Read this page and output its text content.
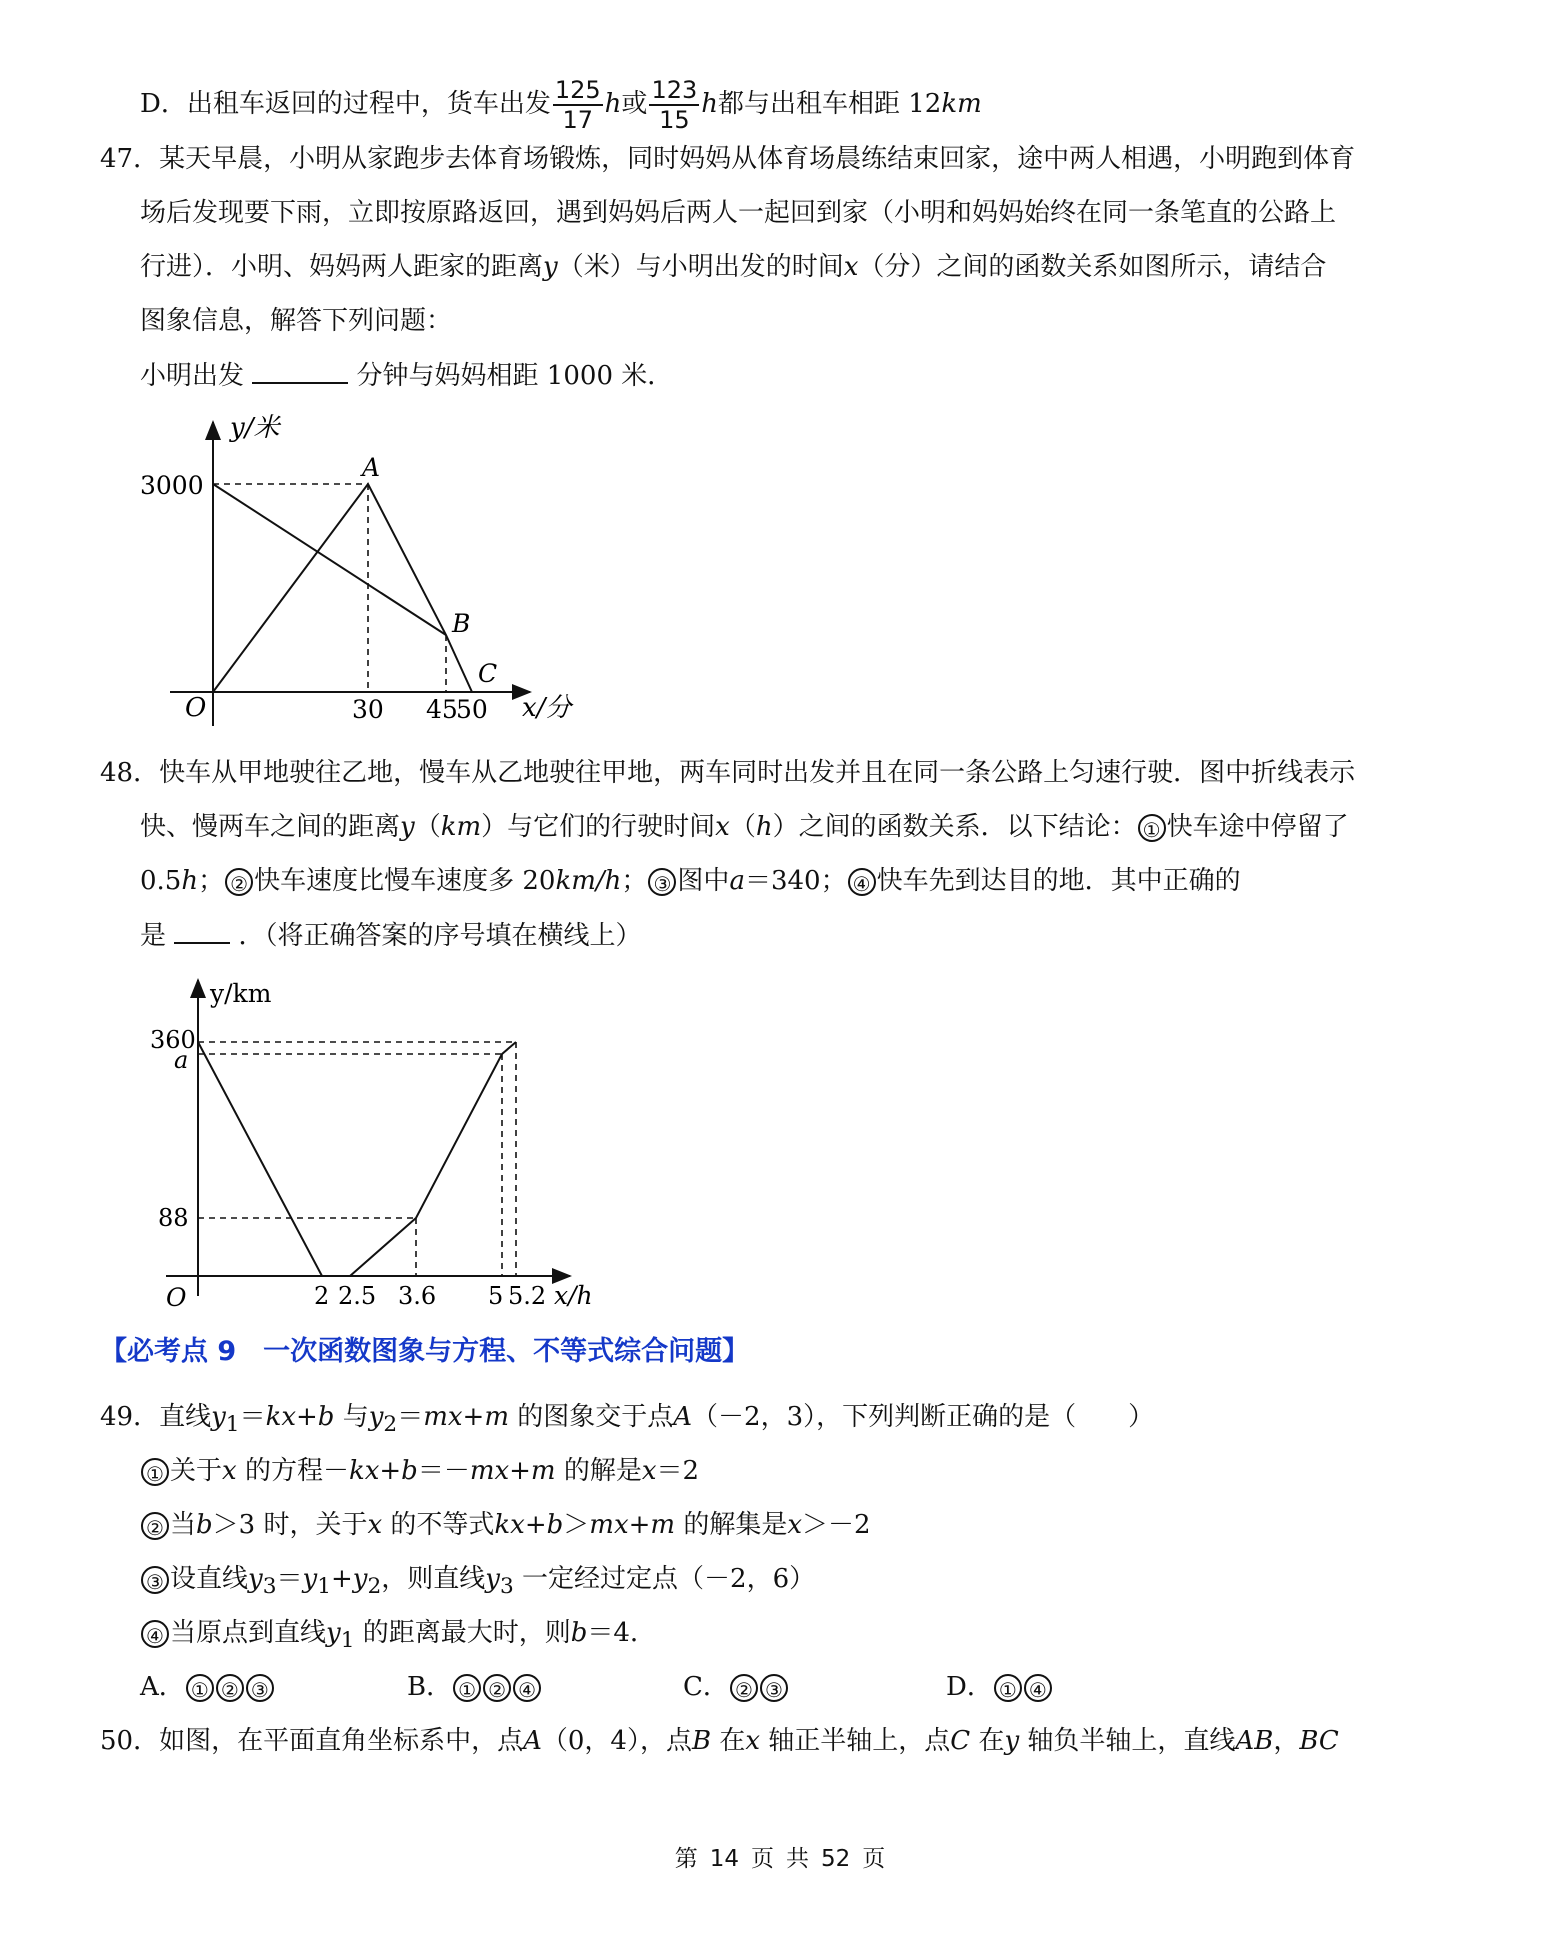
D．出租车返回的过程中，货车出发 $\frac{125}{17}$ h或 $\frac{123}{15}$ h都与出租车相距 12km
47．某天早晨，小明从家跑步去体育场锻炼，同时妈妈从体育场晨练结束回家，途中两人相遇，小明跑到体育
场后发现要下雨，立即按原路返回，遇到妈妈后两人一起回到家（小明和妈妈始终在同一条笔直的公路上
行进）．小明、妈妈两人距家的距离y（米）与小明出发的时间x（分）之间的函数关系如图所示，请结合
图象信息，解答下列问题：
小明出发	分钟与妈妈相距 1000 米．
y/米
x/分
O
3000
30 45
50
A
B
C
48．快车从甲地驶往乙地，慢车从乙地驶往甲地，两车同时出发并且在同一条公路上匀速行驶．图中折线表示
快、慢两车之间的距离y（km）与它们的行驶时间x（h）之间的函数关系．以下结论： ① 快车途中停留了
0.5h； ② 快车速度比慢车速度多 20km/h； ③ 图中a＝340； ④ 快车先到达目的地．其中正确的
是	．（将正确答案的序号填在横线上）
y/km
x/h
O
360
a
88
2 2.5 3.6 5 5.2
【必考点 9　一次函数图象与方程、不等式综合问题】
49．直线$y_1=kx+b$ 与$y_2=mx+m$ 的图象交于点A（－2，3），下列判断正确的是（　　）
① 关于x 的方程－kx+b＝－mx+m 的解是x＝2
② 当b＞3 时，关于x 的不等式kx+b＞mx+m 的解集是x＞－2
③ 设直线$y_3=y_1+y_2$，则直线$y_3$ 一定经过定点（－2，6）
④ 当原点到直线$y_1$ 的距离最大时，则b＝4．
A． ① ② ③	B． ① ② ④	C． ② ③	D． ① ④
50．如图，在平面直角坐标系中，点A（0，4），点B 在x 轴正半轴上，点C 在y 轴负半轴上，直线AB，BC
第 14 页 共 52 页
